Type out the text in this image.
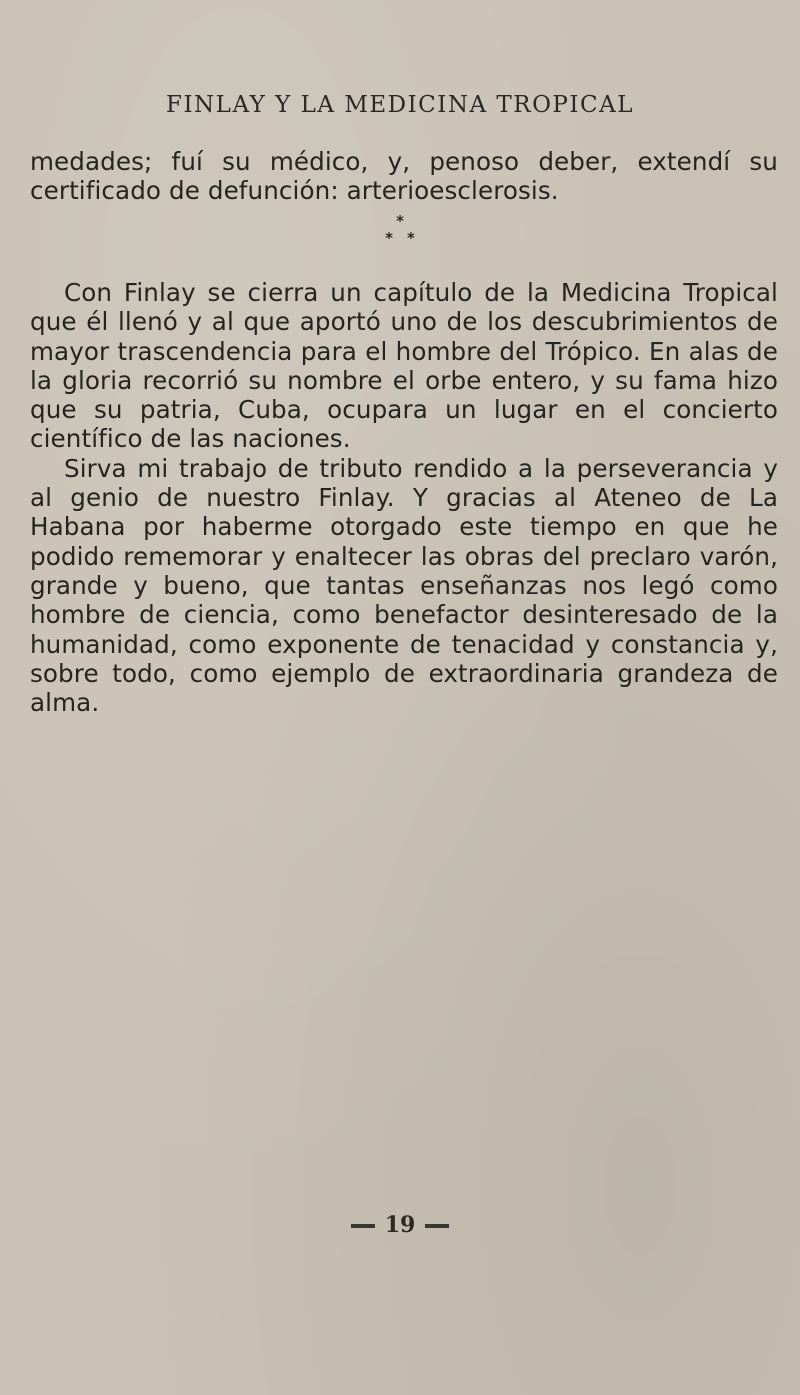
FINLAY Y LA MEDICINA TROPICAL

medades; fuí su médico, y, penoso deber, extendí su certificado de defunción: arterioesclerosis.

*
**

Con Finlay se cierra un capítulo de la Medicina Tropical que él llenó y al que aportó uno de los descubrimientos de mayor trascendencia para el hombre del Trópico. En alas de la gloria recorrió su nombre el orbe entero, y su fama hizo que su patria, Cuba, ocupara un lugar en el concierto científico de las naciones.

Sirva mi trabajo de tributo rendido a la perseverancia y al genio de nuestro Finlay. Y gracias al Ateneo de La Habana por haberme otorgado este tiempo en que he podido rememorar y enaltecer las obras del preclaro varón, grande y bueno, que tantas enseñanzas nos legó como hombre de ciencia, como benefactor desinteresado de la humanidad, como exponente de tenacidad y constancia y, sobre todo, como ejemplo de extraordinaria grandeza de alma.

19
